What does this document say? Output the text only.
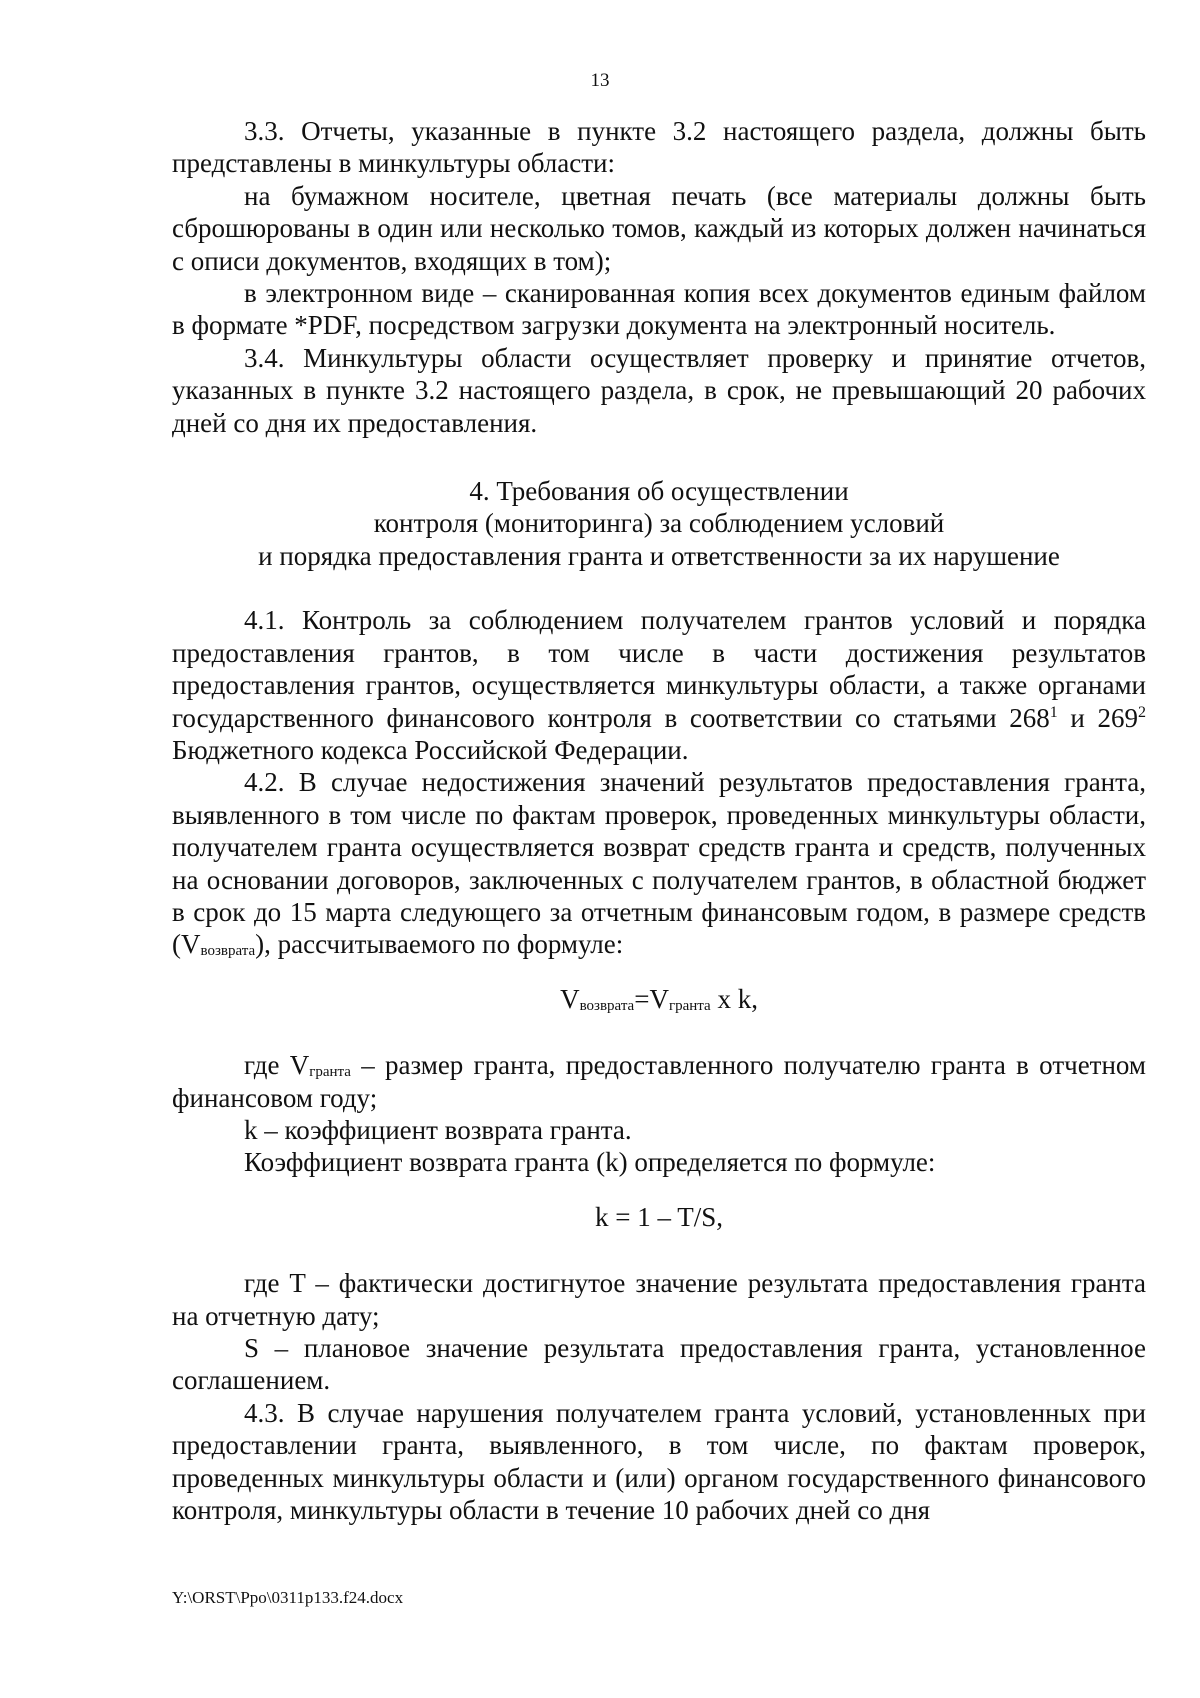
13

3.3. Отчеты, указанные в пункте 3.2 настоящего раздела, должны быть представлены в минкультуры области:

на бумажном носителе, цветная печать (все материалы должны быть сброшюрованы в один или несколько томов, каждый из которых должен начинаться с описи документов, входящих в том);

в электронном виде – сканированная копия всех документов единым файлом в формате *PDF, посредством загрузки документа на электронный носитель.

3.4. Минкультуры области осуществляет проверку и принятие отчетов, указанных в пункте 3.2 настоящего раздела, в срок, не превышающий 20 рабочих дней со дня их предоставления.

4. Требования об осуществлении
контроля (мониторинга) за соблюдением условий
и порядка предоставления гранта и ответственности за их нарушение

4.1. Контроль за соблюдением получателем грантов условий и порядка предоставления грантов, в том числе в части достижения результатов предоставления грантов, осуществляется минкультуры области, а также органами государственного финансового контроля в соответствии со статьями $268^1$ и $269^2$ Бюджетного кодекса Российской Федерации.

4.2. В случае недостижения значений результатов предоставления гранта, выявленного в том числе по фактам проверок, проведенных минкультуры области, получателем гранта осуществляется возврат средств гранта и средств, полученных на основании договоров, заключенных с получателем грантов, в областной бюджет в срок до 15 марта следующего за отчетным финансовым годом, в размере средств (Vвозврата), рассчитываемого по формуле:

Vвозврата=Vгранта x k,

где Vгранта – размер гранта, предоставленного получателю гранта в отчетном финансовом году;

k – коэффициент возврата гранта.

Коэффициент возврата гранта (k) определяется по формуле:

k = 1 – T/S,

где T – фактически достигнутое значение результата предоставления гранта на отчетную дату;

S – плановое значение результата предоставления гранта, установленное соглашением.

4.3. В случае нарушения получателем гранта условий, установленных при предоставлении гранта, выявленного, в том числе, по фактам проверок, проведенных минкультуры области и (или) органом государственного финансового контроля, минкультуры области в течение 10 рабочих дней со дня

Y:\ORST\Ppo\0311p133.f24.docx
